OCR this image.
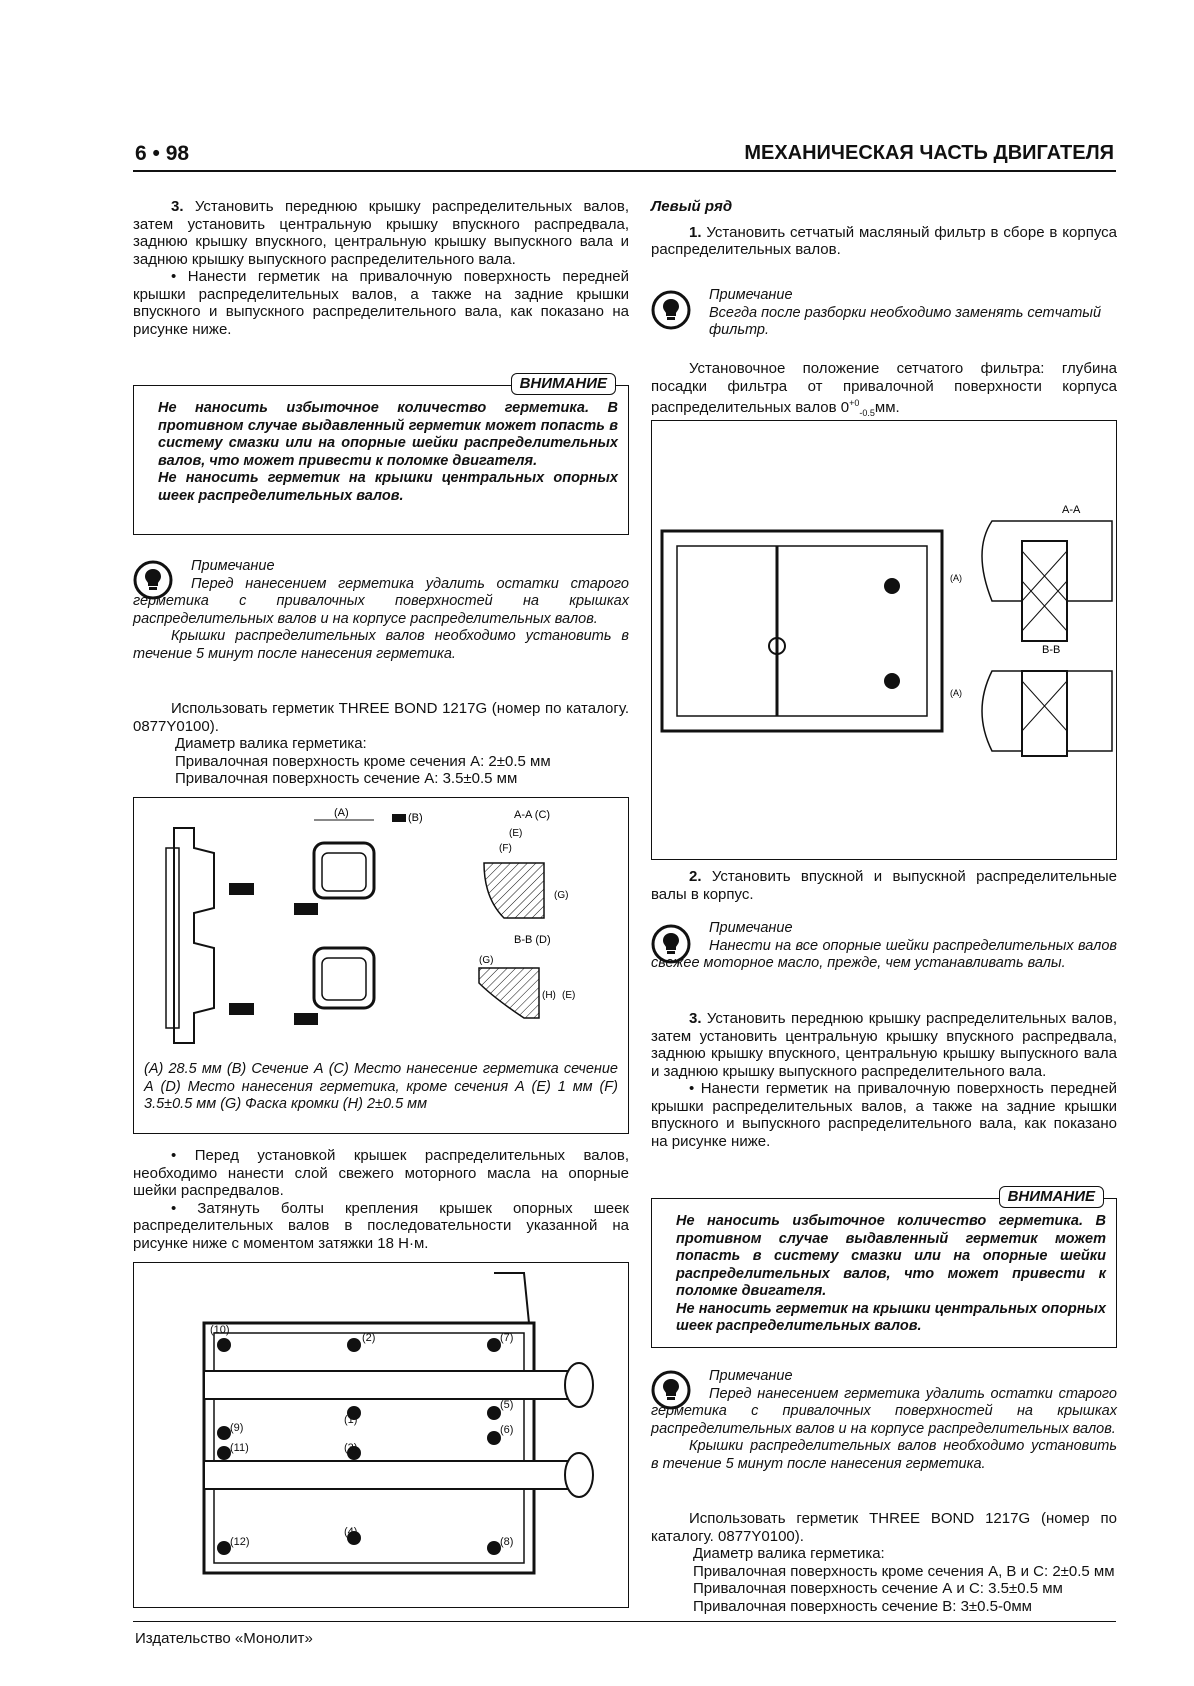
6 • 98	МЕХАНИЧЕСКАЯ ЧАСТЬ ДВИГАТЕЛЯ

3. Установить переднюю крышку распределительных валов, затем установить центральную крышку впускного распредвала, заднюю крышку впускного, центральную крышку выпускного вала и заднюю крышку выпускного распределительного вала.

• Нанести герметик на привалочную поверхность передней крышки распределительных валов, а также на задние крышки впускного и выпускного распределительного вала, как показано на рисунке ниже.

ВНИМАНИЕ
Не наносить избыточное количество герметика. В противном случае выдавленный герметик может попасть в систему смазки или на опорные шейки распределительных валов, что может привести к поломке двигателя.
Не наносить герметик на крышки центральных опорных шеек распределительных валов.
Примечание
Перед нанесением герметика удалить остатки старого герметика с привалочных поверхностей на крышках распределительных валов и на корпусе распределительных валов.
Крышки распределительных валов необходимо установить в течение 5 минут после нанесения герметика.

Использовать герметик THREE BOND 1217G (номер по каталогу. 0877Y0100).

Диаметр валика герметика:

Привалочная поверхность кроме сечения А: 2±0.5 мм

Привалочная поверхность сечение А: 3.5±0.5 мм

(A)	(B)	A-A (C)
(E)
(F)
(G)
B-B (D)
(G)
(H) (E)
(A) 28.5 мм (B) Сечение А (C) Место нанесение герметика сечение А (D) Место нанесения герметика, кроме сечения А (E) 1 мм (F) 3.5±0.5 мм (G) Фаска кромки (H) 2±0.5 мм

• Перед установкой крышек распределительных валов, необходимо нанести слой свежего моторного масла на опорные шейки распредвалов.

• Затянуть болты крепления крышек опорных шеек распределительных валов в последовательности указанной на рисунке ниже с моментом затяжки 18 Н·м.

(2)
(1)
(3)
(4)
(5)
(6)
(7)
(8)
(9)
(10)
(11)
(12)

Левый ряд

1. Установить сетчатый масляный фильтр в сборе в корпуса распределительных валов.

Примечание
Всегда после разборки необходимо заменять сетчатый фильтр.

Установочное положение сетчатого фильтра: глубина посадки фильтра от привалочной поверхности корпуса распределительных валов $0^{+0}_{-0.5}мм$.

A-A
B-B
(A)
(A)

2. Установить впускной и выпускной распределительные валы в корпус.

Примечание
Нанести на все опорные шейки распределительных валов свежее моторное масло, прежде, чем устанавливать валы.

3. Установить переднюю крышку распределительных валов, затем установить центральную крышку впускного распредвала, заднюю крышку впускного, центральную крышку выпускного вала и заднюю крышку выпускного распределительного вала.

• Нанести герметик на привалочную поверхность передней крышки распределительных валов, а также на задние крышки впускного и выпускного распределительного вала, как показано на рисунке ниже.

ВНИМАНИЕ
Не наносить избыточное количество герметика. В противном случае выдавленный герметик может попасть в систему смазки или на опорные шейки распределительных валов, что может привести к поломке двигателя.
Не наносить герметик на крышки центральных опорных шеек распределительных валов.
Примечание
Перед нанесением герметика удалить остатки старого герметика с привалочных поверхностей на крышках распределительных валов и на корпусе распределительных валов.
Крышки распределительных валов необходимо установить в течение 5 минут после нанесения герметика.

Использовать герметик THREE BOND 1217G (номер по каталогу. 0877Y0100).

Диаметр валика герметика:

Привалочная поверхность кроме сечения А, В и С: 2±0.5 мм

Привалочная поверхность сечение А и С: 3.5±0.5 мм

Привалочная поверхность сечение В: 3±0.5-0мм

Издательство «Монолит»
